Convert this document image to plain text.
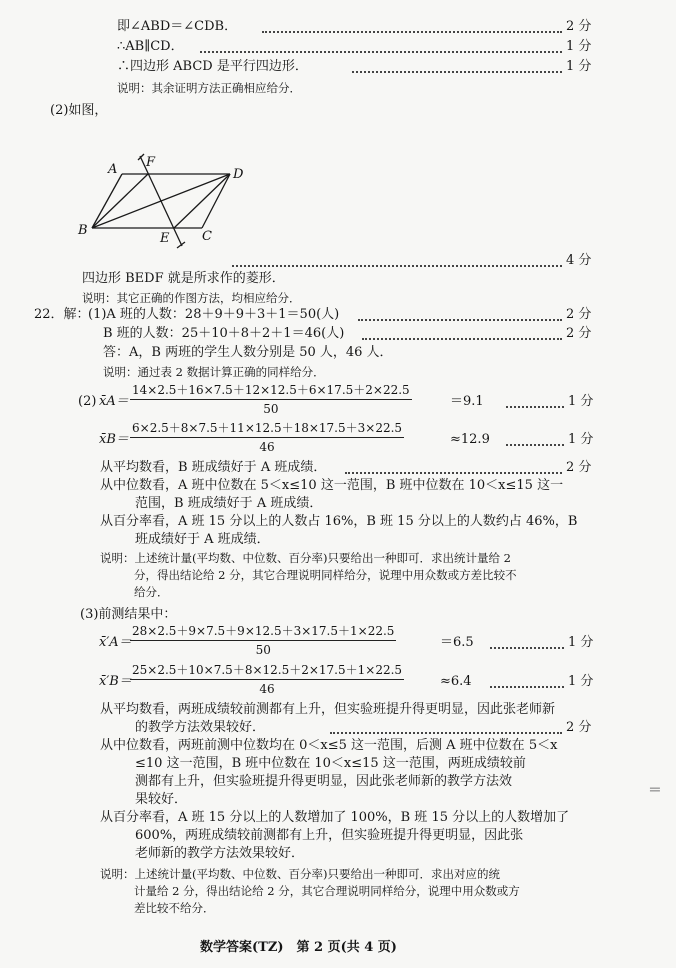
即∠ABD＝∠CDB．	2 分
∴AB∥CD．	1 分
∴四边形 ABCD 是平行四边形．	1 分
说明：其余证明方法正确相应给分．
(2)如图，
A F
D
B
E	C
4 分
四边形 BEDF 就是所求作的菱形．
说明：其它正确的作图方法，均相应给分．
22．解：
(1)A 班的人数：28＋9＋9＋3＋1＝50(人)	2 分
B 班的人数：25＋10＋8＋2＋1＝46(人)	2 分
答：A，B 两班的学生人数分别是 50 人，46 人．
说明：通过表 2 数据计算正确的同样给分．
(2) x̄A＝ $\frac{14\times 2.5+16\times 7.5+12\times 12.5+6\times 17.5+2\times 22.5}{50}$	＝9.1	1 分
x̄B＝ $\frac{6\times 2.5+8\times 7.5+11\times 12.5+18\times 17.5+3\times 22.5}{46}$	≈12.9	1 分
从平均数看，B 班成绩好于 A 班成绩．	2 分
从中位数看，A 班中位数在 5＜x≤10 这一范围，B 班中位数在 10＜x≤15 这一
范围，B 班成绩好于 A 班成绩．
从百分率看，A 班 15 分以上的人数占 16%，B 班 15 分以上的人数约占 46%，B
班成绩好于 A 班成绩．
说明：上述统计量(平均数、中位数、百分率)只要给出一种即可．求出统计量给 2
分，得出结论给 2 分，其它合理说明同样给分，说理中用众数或方差比较不
给分．
(3)前测结果中：
x̄′A＝
$\frac{28\times 2.5+9\times 7.5+9\times 12.5+3\times 17.5+1\times 22.5}{50}$	＝6.5	1 分
x̄′B＝
$\frac{25\times 2.5+10\times 7.5+8\times 12.5+2\times 17.5+1\times 22.5}{46}$	≈6.4	1 分
从平均数看，两班成绩较前测都有上升，但实验班提升得更明显，因此张老师新
的教学方法效果较好．	2 分
从中位数看，两班前测中位数均在 0＜x≤5 这一范围，后测 A 班中位数在 5＜x
≤10 这一范围，B 班中位数在 10＜x≤15 这一范围，两班成绩较前
测都有上升，但实验班提升得更明显，因此张老师新的教学方法效
果较好．
从百分率看，A 班 15 分以上的人数增加了 100%，B 班 15 分以上的人数增加了
600%，两班成绩较前测都有上升，但实验班提升得更明显，因此张
老师新的教学方法效果较好．
说明：上述统计量(平均数、中位数、百分率)只要给出一种即可．求出对应的统
计量给 2 分，得出结论给 2 分，其它合理说明同样给分，说理中用众数或方
差比较不给分．
数学答案(TZ)　第 2 页(共 4 页)
═
